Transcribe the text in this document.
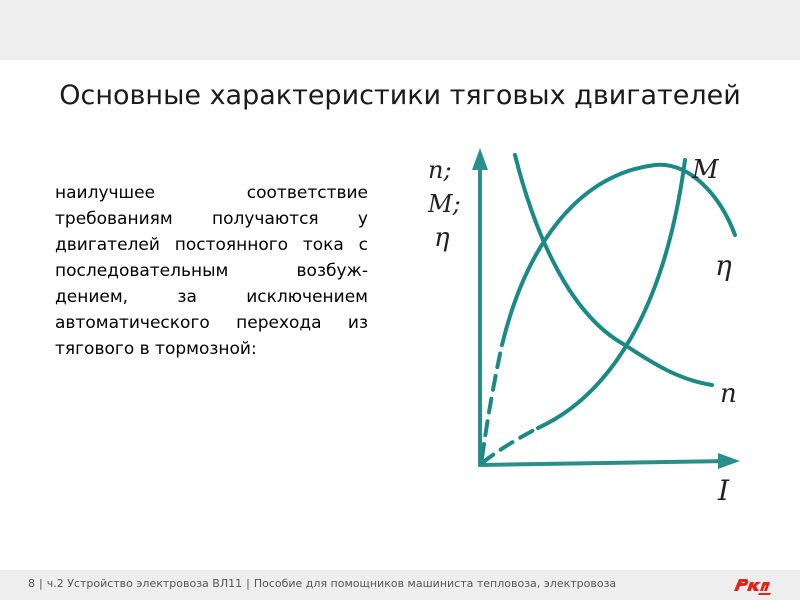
Основные характеристики тяговых двигателей
наилучшее соответствие
требованиям получаются у
двигателей постоянного тока с
последовательным возбуж-
дением, за исключением
автоматического перехода из
тягового в тормозной:
n;
M;
η
M
η
n
I
8 | ч.2 Устройство электровоза ВЛ11 | Пособие для помощников машиниста тепловоза, электровоза
